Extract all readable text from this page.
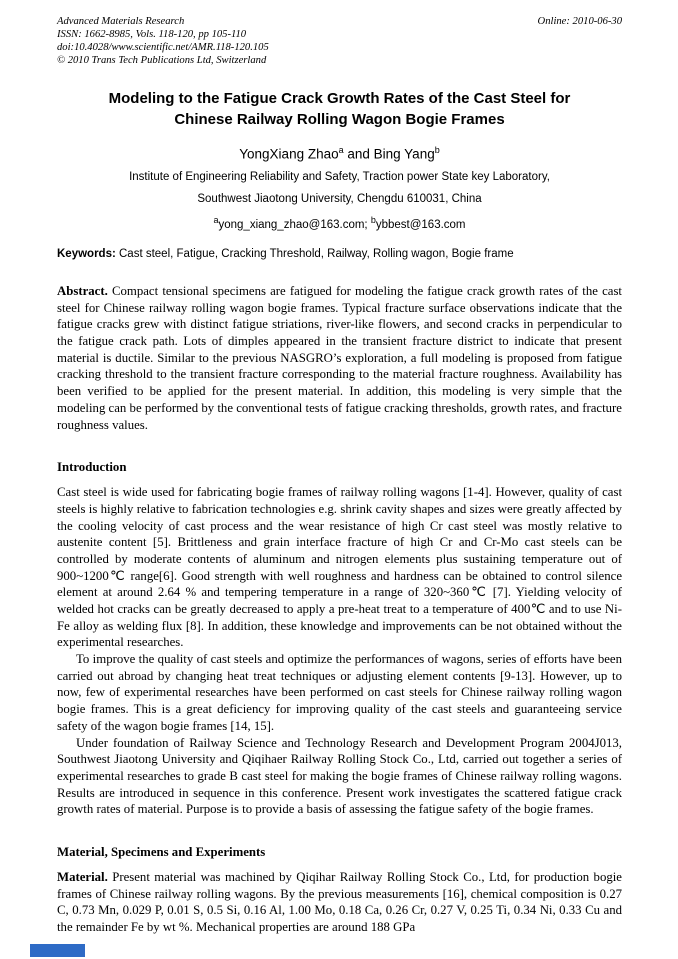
Advanced Materials Research
ISSN: 1662-8985, Vols. 118-120, pp 105-110
doi:10.4028/www.scientific.net/AMR.118-120.105
© 2010 Trans Tech Publications Ltd, Switzerland
Online: 2010-06-30
Modeling to the Fatigue Crack Growth Rates of the Cast Steel for Chinese Railway Rolling Wagon Bogie Frames
YongXiang Zhao$^a$ and Bing Yang$^b$
Institute of Engineering Reliability and Safety, Traction power State key Laboratory,
Southwest Jiaotong University, Chengdu 610031, China
$^a$yong_xiang_zhao@163.com; $^b$ybbest@163.com
Keywords: Cast steel, Fatigue, Cracking Threshold, Railway, Rolling wagon, Bogie frame

Abstract. Compact tensional specimens are fatigued for modeling the fatigue crack growth rates of the cast steel for Chinese railway rolling wagon bogie frames. Typical fracture surface observations indicate that the fatigue cracks grew with distinct fatigue striations, river-like flowers, and second cracks in perpendicular to the fatigue crack path. Lots of dimples appeared in the transient fracture district to indicate that present material is ductile. Similar to the previous NASGRO’s exploration, a full modeling is proposed from fatigue cracking threshold to the transient fracture corresponding to the material fracture roughness. Availability has been verified to be applied for the present material. In addition, this modeling is very simple that the modeling can be performed by the conventional tests of fatigue cracking thresholds, growth rates, and fracture roughness values.

Introduction

Cast steel is wide used for fabricating bogie frames of railway rolling wagons [1-4]. However, quality of cast steels is highly relative to fabrication technologies e.g. shrink cavity shapes and sizes were greatly affected by the cooling velocity of cast process and the wear resistance of high Cr cast steel was mostly relative to austenite content [5]. Brittleness and grain interface fracture of high Cr and Cr-Mo cast steels can be controlled by moderate contents of aluminum and nitrogen elements plus sustaining temperature out of 900~1200℃ range[6]. Good strength with well roughness and hardness can be obtained to control silence element at around 2.64 % and tempering temperature in a range of 320~360℃ [7]. Yielding velocity of welded hot cracks can be greatly decreased to apply a pre-heat treat to a temperature of 400℃ and to use Ni-Fe alloy as welding flux [8]. In addition, these knowledge and improvements can be not obtained without the experimental researches.

To improve the quality of cast steels and optimize the performances of wagons, series of efforts have been carried out abroad by changing heat treat techniques or adjusting element contents [9-13]. However, up to now, few of experimental researches have been performed on cast steels for Chinese railway rolling wagon bogie frames. This is a great deficiency for improving quality of the cast steels and guaranteeing service safety of the wagon bogie frames [14, 15].

Under foundation of Railway Science and Technology Research and Development Program 2004J013, Southwest Jiaotong University and Qiqihaer Railway Rolling Stock Co., Ltd, carried out together a series of experimental researches to grade B cast steel for making the bogie frames of Chinese railway rolling wagons. Results are introduced in sequence in this conference. Present work investigates the scattered fatigue crack growth rates of material. Purpose is to provide a basis of assessing the fatigue safety of the bogie frames.

Material, Specimens and Experiments

Material. Present material was machined by Qiqihar Railway Rolling Stock Co., Ltd, for production bogie frames of Chinese railway rolling wagons. By the previous measurements [16], chemical composition is 0.27 C, 0.73 Mn, 0.029 P, 0.01 S, 0.5 Si, 0.16 Al, 1.00 Mo, 0.18 Ca, 0.26 Cr, 0.27 V, 0.25 Ti, 0.34 Ni, 0.33 Cu and the remainder Fe by wt %. Mechanical properties are around 188 GPa
